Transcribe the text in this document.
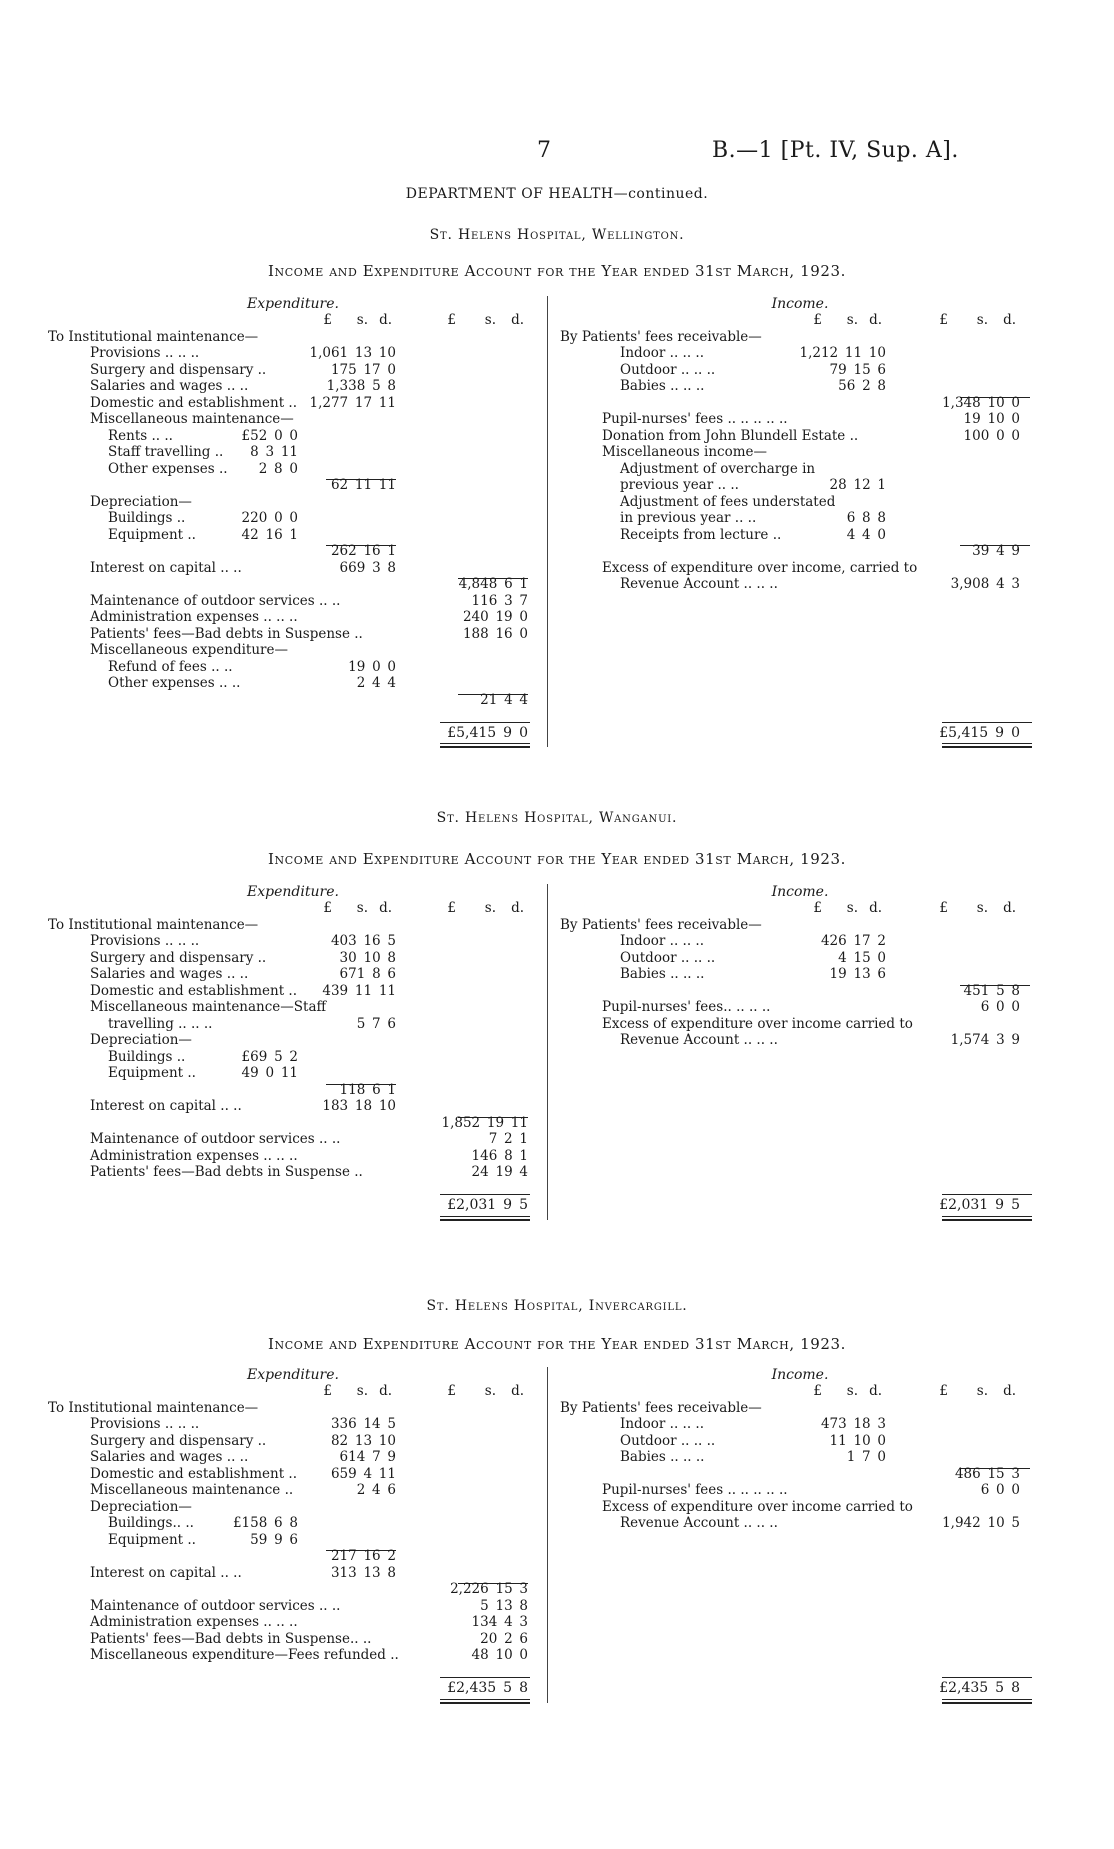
7	B.—1 [Pt. IV, Sup. A].
DEPARTMENT OF HEALTH—continued.
St. Helens Hospital, Wellington.
Income and Expenditure Account for the Year ended 31st March, 1923.
Expenditure.
£ s. d.	£ s. d.
To Institutional maintenance—
Provisions .. .. ..	1,061 13 10
Surgery and dispensary ..	175 17 0
Salaries and wages .. ..	1,338 5 8
Domestic and establishment .. 1,277 17 11
Miscellaneous maintenance—
Rents .. ..	£52 0 0
Staff travelling .. 8 3 11
Other expenses .. 2 8 0
62 11 11
Depreciation—
Buildings ..	220 0 0
Equipment ..	42 16 1
262 16 1
Interest on capital .. ..	669 3 8
4,848 6 1
Maintenance of outdoor services .. ..	116 3 7
Administration expenses .. .. ..	240 19 0
Patients' fees—Bad debts in Suspense ..	188 16 0
Miscellaneous expenditure—
Refund of fees .. ..	19 0 0
Other expenses .. ..	2 4 4
21 4 4
£5,415 9 0
Income.
£ s. d.	£ s. d.
By Patients' fees receivable—
Indoor .. .. ..	1,212 11 10
Outdoor .. .. ..	79 15 6
Babies .. .. ..	56 2 8
1,348 10 0
Pupil-nurses' fees .. .. .. .. ..	19 10 0
Donation from John Blundell Estate ..	100 0 0
Miscellaneous income—
Adjustment of overcharge in
previous year .. ..	28 12 1
Adjustment of fees understated
in previous year .. ..	6 8 8
Receipts from lecture ..	4 4 0
39 4 9
Excess of expenditure over income, carried to
Revenue Account .. .. ..	3,908 4 3
£5,415 9 0
St. Helens Hospital, Wanganui.
Income and Expenditure Account for the Year ended 31st March, 1923.
Expenditure.
£ s. d.	£ s. d.
To Institutional maintenance—
Provisions .. .. ..	403 16 5
Surgery and dispensary ..	30 10 8
Salaries and wages .. ..	671 8 6
Domestic and establishment .. 439 11 11
Miscellaneous maintenance—Staff
travelling .. .. ..	5 7 6
Depreciation—
Buildings ..	£69 5 2
Equipment ..	49 0 11
118 6 1
Interest on capital .. ..	183 18 10
1,852 19 11
Maintenance of outdoor services .. ..	7 2 1
Administration expenses .. .. ..	146 8 1
Patients' fees—Bad debts in Suspense ..	24 19 4
£2,031 9 5
Income.
£ s. d.	£ s. d.
By Patients' fees receivable—
Indoor .. .. ..	426 17 2
Outdoor .. .. ..	4 15 0
Babies .. .. ..	19 13 6
451 5 8
Pupil-nurses' fees.. .. .. ..	6 0 0
Excess of expenditure over income carried to
Revenue Account .. .. ..	1,574 3 9
£2,031 9 5
St. Helens Hospital, Invercargill.
Income and Expenditure Account for the Year ended 31st March, 1923.
Expenditure.
£ s. d.	£ s. d.
To Institutional maintenance—
Provisions .. .. ..	336 14 5
Surgery and dispensary ..	82 13 10
Salaries and wages .. ..	614 7 9
Domestic and establishment ..	659 4 11
Miscellaneous maintenance ..	2 4 6
Depreciation—
Buildings.. ..	£158 6 8
Equipment ..	59 9 6
217 16 2
Interest on capital .. ..	313 13 8
2,226 15 3
Maintenance of outdoor services .. ..	5 13 8
Administration expenses .. .. ..	134 4 3
Patients' fees—Bad debts in Suspense.. ..	20 2 6
Miscellaneous expenditure—Fees refunded ..	48 10 0
£2,435 5 8
Income.
£ s. d.	£ s. d.
By Patients' fees receivable—
Indoor .. .. ..	473 18 3
Outdoor .. .. ..	11 10 0
Babies .. .. ..	1 7 0
486 15 3
Pupil-nurses' fees .. .. .. .. ..	6 0 0
Excess of expenditure over income carried to
Revenue Account .. .. ..	1,942 10 5
£2,435 5 8
